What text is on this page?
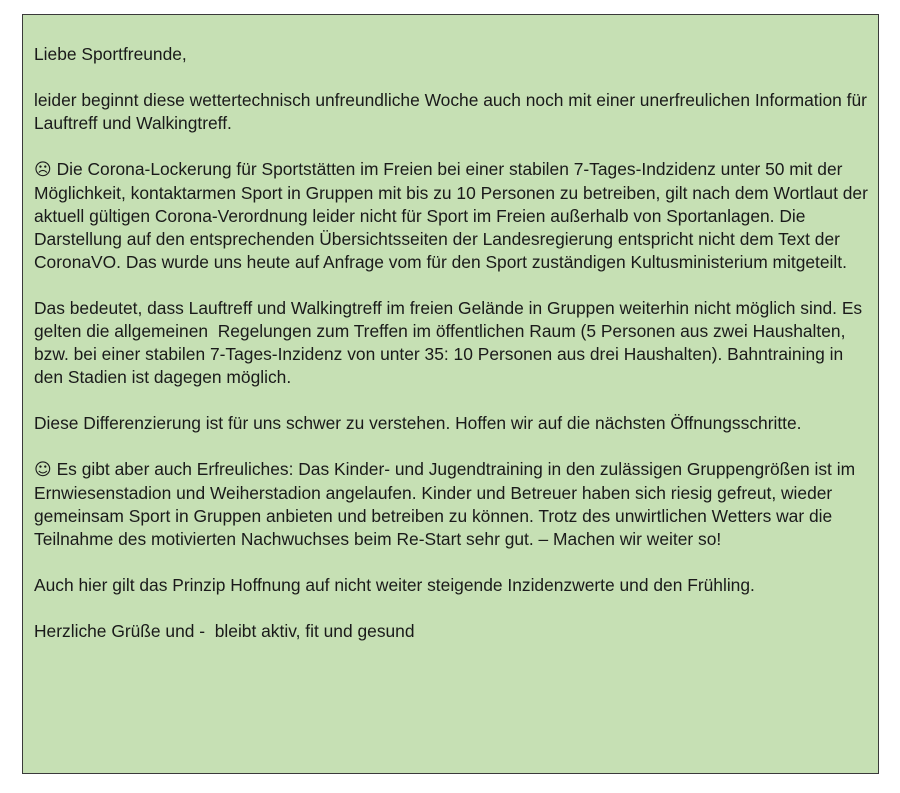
Liebe Sportfreunde,

leider beginnt diese wettertechnisch unfreundliche Woche auch noch mit einer unerfreulichen Information für Lauftreff und Walkingtreff.

☹ Die Corona-Lockerung für Sportstätten im Freien bei einer stabilen 7-Tages-Indzidenz unter 50 mit der Möglichkeit, kontaktarmen Sport in Gruppen mit bis zu 10 Personen zu betreiben, gilt nach dem Wortlaut der aktuell gültigen Corona-Verordnung leider nicht für Sport im Freien außerhalb von Sportanlagen. Die Darstellung auf den entsprechenden Übersichtsseiten der Landesregierung entspricht nicht dem Text der CoronaVO. Das wurde uns heute auf Anfrage vom für den Sport zuständigen Kultusministerium mitgeteilt.

Das bedeutet, dass Lauftreff und Walkingtreff im freien Gelände in Gruppen weiterhin nicht möglich sind. Es gelten die allgemeinen  Regelungen zum Treffen im öffentlichen Raum (5 Personen aus zwei Haushalten, bzw. bei einer stabilen 7-Tages-Inzidenz von unter 35: 10 Personen aus drei Haushalten). Bahntraining in den Stadien ist dagegen möglich.

Diese Differenzierung ist für uns schwer zu verstehen. Hoffen wir auf die nächsten Öffnungsschritte.

☺ Es gibt aber auch Erfreuliches: Das Kinder- und Jugendtraining in den zulässigen Gruppengrößen ist im Ernwiesenstadion und Weiherstadion angelaufen. Kinder und Betreuer haben sich riesig gefreut, wieder gemeinsam Sport in Gruppen anbieten und betreiben zu können. Trotz des unwirtlichen Wetters war die Teilnahme des motivierten Nachwuchses beim Re-Start sehr gut. – Machen wir weiter so!

Auch hier gilt das Prinzip Hoffnung auf nicht weiter steigende Inzidenzwerte und den Frühling.

Herzliche Grüße und -  bleibt aktiv, fit und gesund
